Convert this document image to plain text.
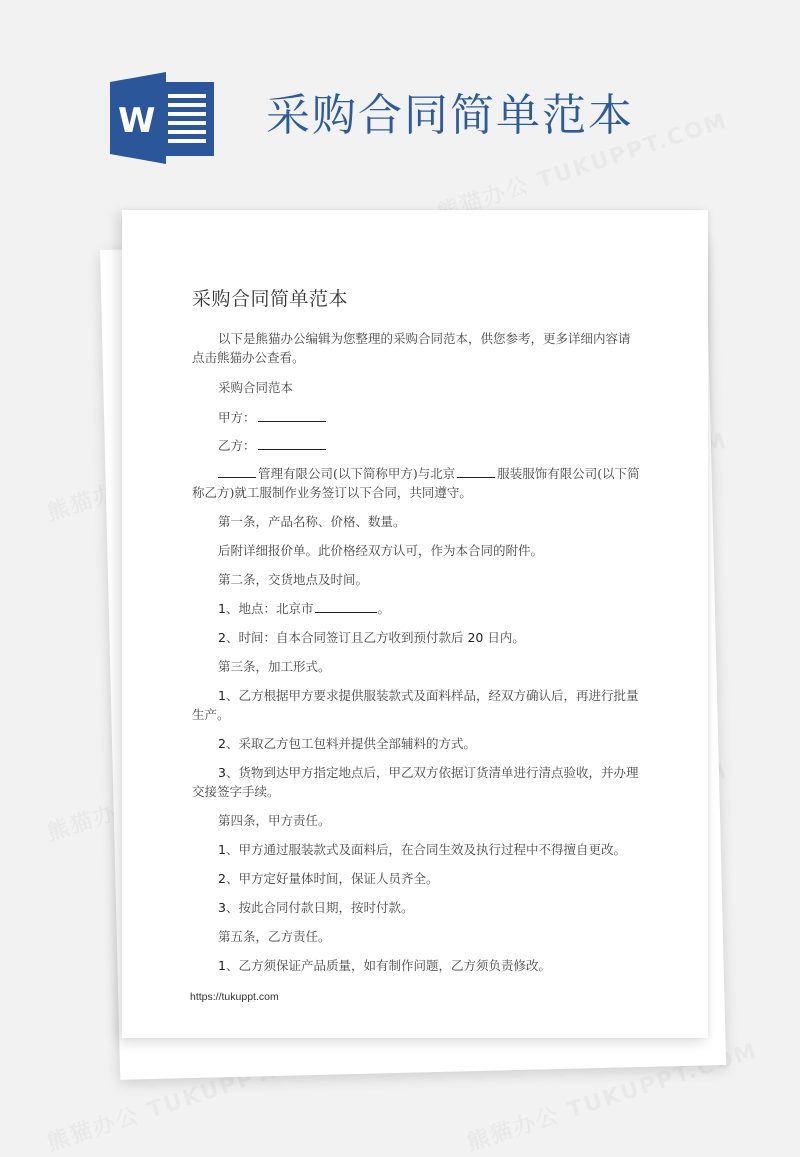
W	采购合同简单范本
采购合同简单范本
以下是熊猫办公编辑为您整理的采购合同范本，供您参考，更多详细内容请点击熊猫办公查看。
采购合同范本
甲方：
乙方：
管理有限公司(以下简称甲方)与北京	服装服饰有限公司(以下简称乙方)就工服制作业务签订以下合同，共同遵守。
第一条，产品名称、价格、数量。
后附详细报价单。此价格经双方认可，作为本合同的附件。
第二条，交货地点及时间。
1、地点：北京市	。
2、时间：自本合同签订且乙方收到预付款后 20 日内。
第三条，加工形式。
1、乙方根据甲方要求提供服装款式及面料样品，经双方确认后，再进行批量生产。
2、采取乙方包工包料并提供全部辅料的方式。
3、货物到达甲方指定地点后，甲乙双方依据订货清单进行清点验收，并办理交接签字手续。
第四条，甲方责任。
1、甲方通过服装款式及面料后，在合同生效及执行过程中不得擅自更改。
2、甲方定好量体时间，保证人员齐全。
3、按此合同付款日期，按时付款。
第五条，乙方责任。
1、乙方须保证产品质量，如有制作问题，乙方须负责修改。
https://tukuppt.com
